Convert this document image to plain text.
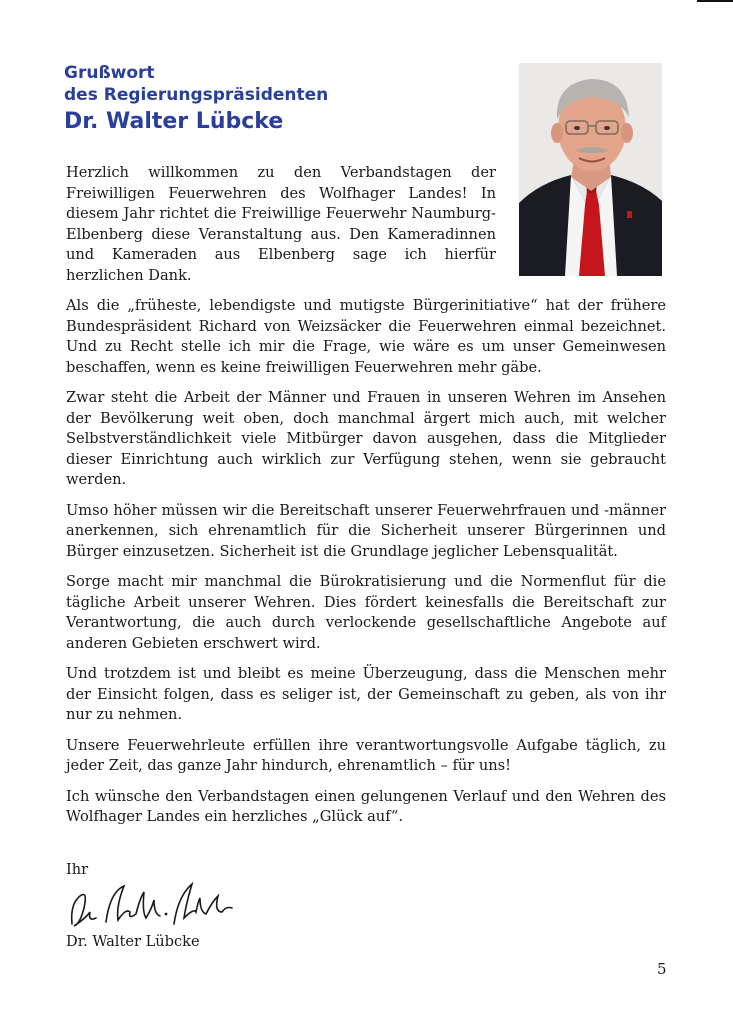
Grußwort
des Regierungspräsidenten
Dr. Walter Lübcke

Herzlich willkommen zu den Verbandstagen der Freiwilligen Feuerwehren des Wolfhager Landes! In diesem Jahr richtet die Freiwillige Feuerwehr Naumburg-Elbenberg diese Veranstaltung aus. Den Kameradinnen und Kameraden aus Elbenberg sage ich hierfür herzlichen Dank.

Als die „früheste, lebendigste und mutigste Bürgerinitiative“ hat der frühere Bundespräsident Richard von Weizsäcker die Feuerwehren einmal bezeichnet. Und zu Recht stelle ich mir die Frage, wie wäre es um unser Gemeinwesen beschaffen, wenn es keine freiwilligen Feuerwehren mehr gäbe.

Zwar steht die Arbeit der Männer und Frauen in unseren Wehren im Ansehen der Bevölkerung weit oben, doch manchmal ärgert mich auch, mit welcher Selbstverständlichkeit viele Mitbürger davon ausgehen, dass die Mitglieder dieser Einrichtung auch wirklich zur Verfügung stehen, wenn sie gebraucht werden.

Umso höher müssen wir die Bereitschaft unserer Feuerwehrfrauen und -männer anerkennen, sich ehrenamtlich für die Sicherheit unserer Bürgerinnen und Bürger einzusetzen. Sicherheit ist die Grundlage jeglicher Lebensqualität.

Sorge macht mir manchmal die Bürokratisierung und die Normenflut für die tägliche Arbeit unserer Wehren. Dies fördert keinesfalls die Bereitschaft zur Verantwortung, die auch durch verlockende gesellschaftliche Angebote auf anderen Gebieten erschwert wird.

Und trotzdem ist und bleibt es meine Überzeugung, dass die Menschen mehr der Einsicht folgen, dass es seliger ist, der Gemeinschaft zu geben, als von ihr nur zu nehmen.

Unsere Feuerwehrleute erfüllen ihre verantwortungsvolle Aufgabe täglich, zu jeder Zeit, das ganze Jahr hindurch, ehrenamtlich – für uns!

Ich wünsche den Verbandstagen einen gelungenen Verlauf und den Wehren des Wolfhager Landes ein herzliches „Glück auf“.

Ihr
Dr. Walter Lübcke
5
